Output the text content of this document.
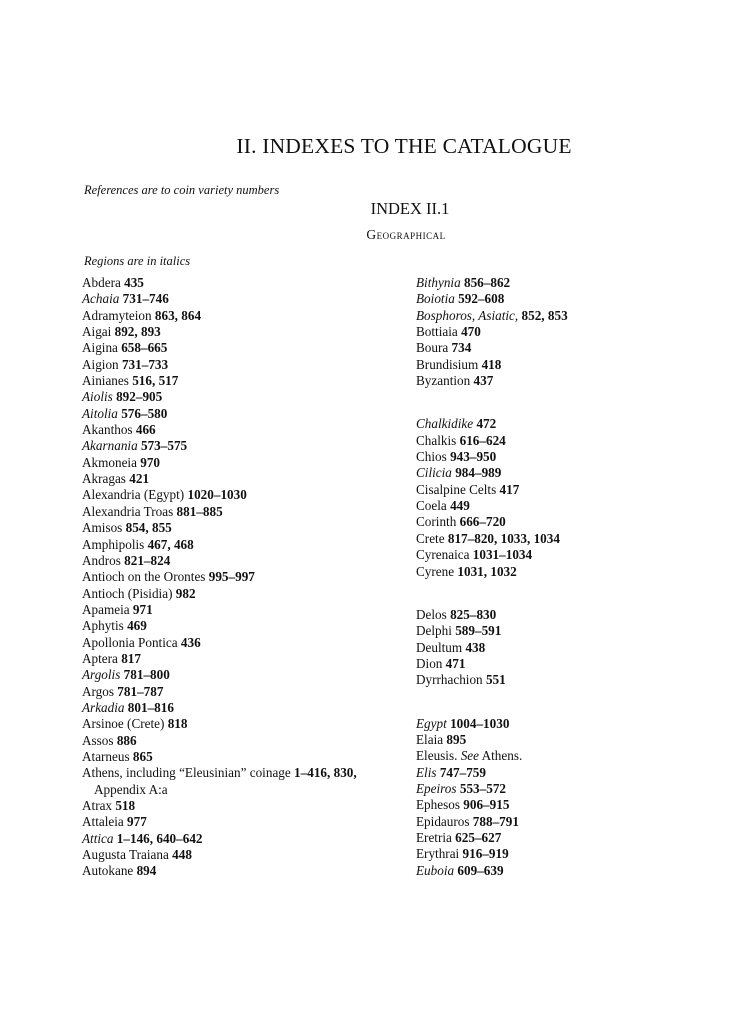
II. INDEXES TO THE CATALOGUE

References are to coin variety numbers

INDEX II.1
Geographical

Regions are in italics

Abdera 435
Achaia 731–746
Adramyteion 863, 864
Aigai 892, 893
Aigina 658–665
Aigion 731–733
Ainianes 516, 517
Aiolis 892–905
Aitolia 576–580
Akanthos 466
Akarnania 573–575
Akmoneia 970
Akragas 421
Alexandria (Egypt) 1020–1030
Alexandria Troas 881–885
Amisos 854, 855
Amphipolis 467, 468
Andros 821–824
Antioch on the Orontes 995–997
Antioch (Pisidia) 982
Apameia 971
Aphytis 469
Apollonia Pontica 436
Aptera 817
Argolis 781–800
Argos 781–787
Arkadia 801–816
Arsinoe (Crete) 818
Assos 886
Atarneus 865
Athens, including “Eleusinian” coinage 1–416, 830,
Appendix A:a
Atrax 518
Attaleia 977
Attica 1–146, 640–642
Augusta Traiana 448
Autokane 894
Bithynia 856–862
Boiotia 592–608
Bosphoros, Asiatic, 852, 853
Bottiaia 470
Boura 734
Brundisium 418
Byzantion 437
Chalkidike 472
Chalkis 616–624
Chios 943–950
Cilicia 984–989
Cisalpine Celts 417
Coela 449
Corinth 666–720
Crete 817–820, 1033, 1034
Cyrenaica 1031–1034
Cyrene 1031, 1032
Delos 825–830
Delphi 589–591
Deultum 438
Dion 471
Dyrrhachion 551
Egypt 1004–1030
Elaia 895
Eleusis. See Athens.
Elis 747–759
Epeiros 553–572
Ephesos 906–915
Epidauros 788–791
Eretria 625–627
Erythrai 916–919
Euboia 609–639
